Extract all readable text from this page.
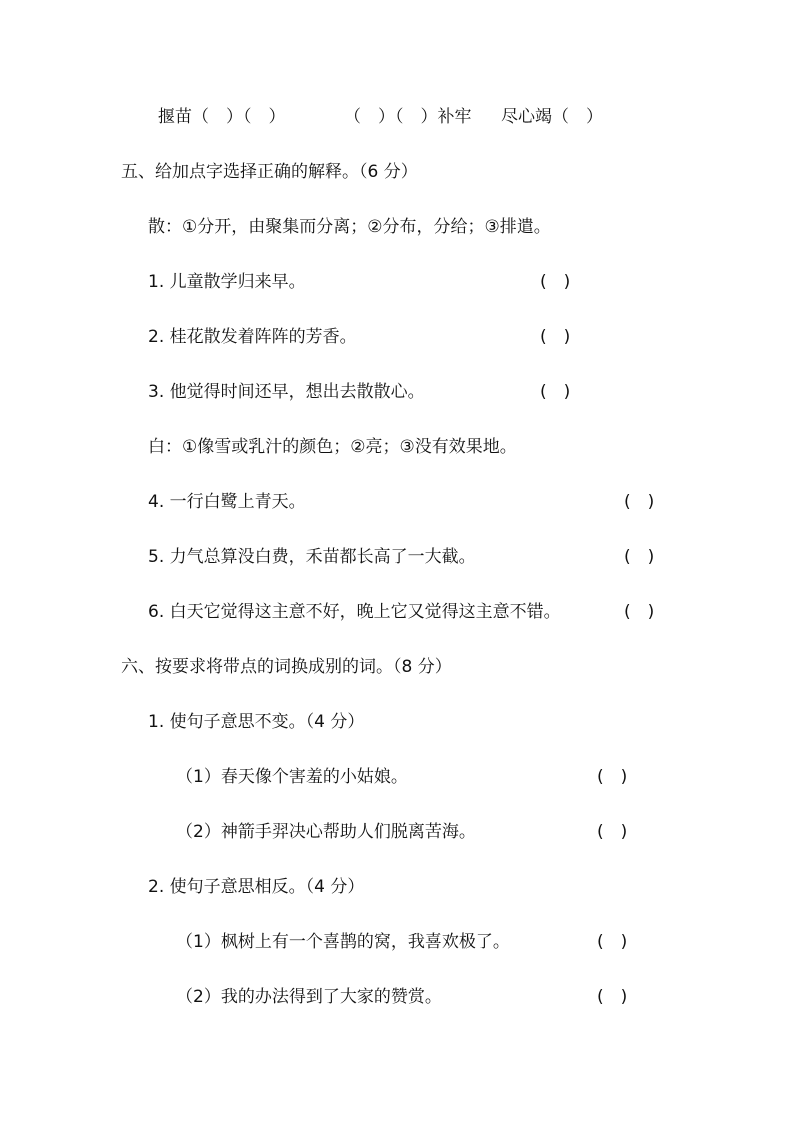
揠苗（　）（　）	（　）（　）补牢 尽心竭（　）
五、给加点字选择正确的解释。（6 分）
散：①分开，由聚集而分离；②分布，分给；③排遣。
1. 儿童散学归来早。	(　)
2. 桂花散发着阵阵的芳香。	(　)
3. 他觉得时间还早，想出去散散心。	(　)
白：①像雪或乳汁的颜色；②亮；③没有效果地。
4. 一行白鹭上青天。	(　)
5. 力气总算没白费，禾苗都长高了一大截。	(　)
6. 白天它觉得这主意不好，晚上它又觉得这主意不错。	(　)
六、按要求将带点的词换成别的词。（8 分）
1. 使句子意思不变。（4 分）
（1）春天像个害羞的小姑娘。	(　)
（2）神箭手羿决心帮助人们脱离苦海。	(　)
2. 使句子意思相反。（4 分）
（1）枫树上有一个喜鹊的窝，我喜欢极了。	(　)
（2）我的办法得到了大家的赞赏。	(　)
